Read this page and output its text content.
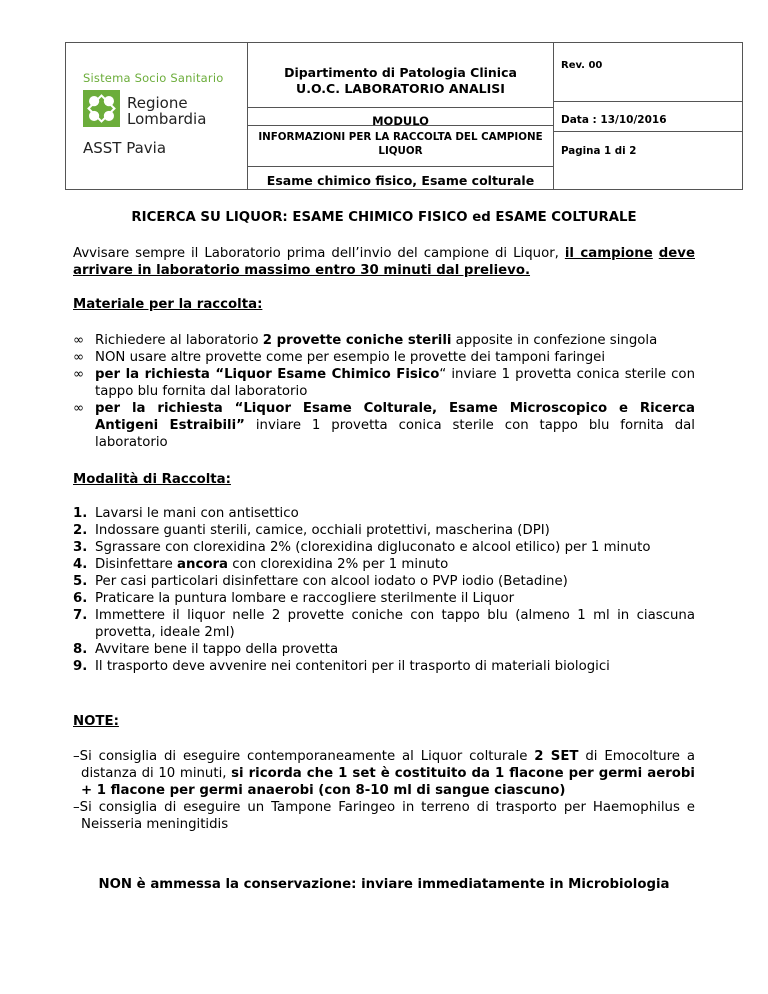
Sistema Socio Sanitario
Regione
Lombardia
ASST Pavia
Dipartimento di Patologia Clinica
U.O.C. LABORATORIO ANALISI
Rev. 00
MODULO	Data : 13/10/2016
INFORMAZIONI PER LA RACCOLTA DEL CAMPIONE
LIQUOR	Pagina 1 di 2
Esame chimico fisico, Esame colturale
RICERCA SU LIQUOR: ESAME CHIMICO FISICO ed ESAME COLTURALE
Avvisare sempre il Laboratorio prima dell’invio del campione di Liquor, il campione deve arrivare in laboratorio massimo entro 30 minuti dal prelievo.
Materiale per la raccolta:
∞ Richiedere al laboratorio 2 provette coniche sterili apposite in confezione singola
∞ NON usare altre provette come per esempio le provette dei tamponi faringei
∞ per la richiesta “Liquor Esame Chimico Fisico“ inviare 1 provetta conica sterile con tappo blu fornita dal laboratorio
∞ per la richiesta “Liquor Esame Colturale, Esame Microscopico e Ricerca Antigeni Estraibili” inviare 1 provetta conica sterile con tappo blu fornita dal laboratorio
Modalità di Raccolta:
1. Lavarsi le mani con antisettico
2. Indossare guanti sterili, camice, occhiali protettivi, mascherina (DPI)
3. Sgrassare con clorexidina 2% (clorexidina digluconato e alcool etilico) per 1 minuto
4. Disinfettare ancora con clorexidina 2% per 1 minuto
5. Per casi particolari disinfettare con alcool iodato o PVP iodio (Betadine)
6. Praticare la puntura lombare e raccogliere sterilmente il Liquor
7. Immettere il liquor nelle 2 provette coniche con tappo blu (almeno 1 ml in ciascuna provetta, ideale 2ml)
8. Avvitare bene il tappo della provetta
9. Il trasporto deve avvenire nei contenitori per il trasporto di materiali biologici
NOTE:

–Si consiglia di eseguire contemporaneamente al Liquor colturale 2 SET di Emocolture a distanza di 10 minuti, si ricorda che 1 set è costituito da 1 flacone per germi aerobi + 1 flacone per germi anaerobi (con 8-10 ml di sangue ciascuno)

–Si consiglia di eseguire un Tampone Faringeo in terreno di trasporto per Haemophilus e Neisseria meningitidis

NON è ammessa la conservazione: inviare immediatamente in Microbiologia
